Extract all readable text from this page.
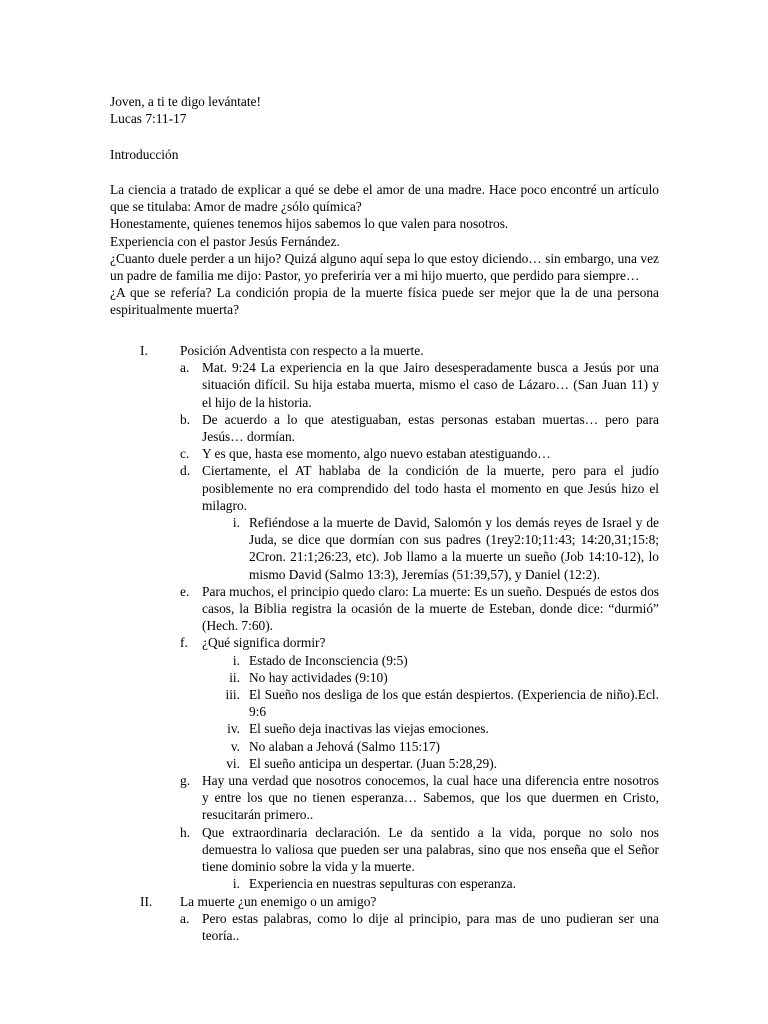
Joven, a ti te digo levántate!
Lucas 7:11-17
Introducción
La ciencia a tratado de explicar a qué se debe el amor de una madre. Hace poco encontré un artículo que se titulaba: Amor de madre ¿sólo química?
Honestamente, quienes tenemos hijos sabemos lo que valen para nosotros.
Experiencia con el pastor Jesús Fernández.
¿Cuanto duele perder a un hijo? Quizá alguno aquí sepa lo que estoy diciendo… sin embargo, una vez un padre de familia me dijo: Pastor, yo preferiría ver a mi hijo muerto, que perdido para siempre…
¿A que se refería? La condición propia de la muerte física puede ser mejor que la de una persona espiritualmente muerta?
I.	Posición Adventista con respecto a la muerte.
a. Mat. 9:24 La experiencia en la que Jairo desesperadamente busca a Jesús por una situación difícil. Su hija estaba muerta, mismo el caso de Lázaro… (San Juan 11) y el hijo de la historia.
b. De acuerdo a lo que atestiguaban, estas personas estaban muertas… pero para Jesús… dormían.
c. Y es que, hasta ese momento, algo nuevo estaban atestiguando…
d. Ciertamente, el AT hablaba de la condición de la muerte, pero para el judío posiblemente no era comprendido del todo hasta el momento en que Jesús hizo el milagro.
i. Refiéndose a la muerte de David, Salomón y los demás reyes de Israel y de Juda, se dice que dormían con sus padres (1rey2:10;11:43; 14:20,31;15:8; 2Cron. 21:1;26:23, etc). Job llamo a la muerte un sueño (Job 14:10-12), lo mismo David (Salmo 13:3), Jeremías (51:39,57), y Daniel (12:2).
e. Para muchos, el principio quedo claro: La muerte: Es un sueño. Después de estos dos casos, la Biblia registra la ocasión de la muerte de Esteban, donde dice: “durmió” (Hech. 7:60).
f.	¿Qué significa dormir?
i. Estado de Inconsciencia (9:5)
ii. No hay actividades (9:10)
iii. El Sueño nos desliga de los que están despiertos. (Experiencia de niño).Ecl. 9:6
iv. El sueño deja inactivas las viejas emociones.
v. No alaban a Jehová (Salmo 115:17)
vi. El sueño anticipa un despertar. (Juan 5:28,29).
g. Hay una verdad que nosotros conocemos, la cual hace una diferencia entre nosotros y entre los que no tienen esperanza… Sabemos, que los que duermen en Cristo, resucitarán primero..
h. Que extraordinaria declaración. Le da sentido a la vida, porque no solo nos demuestra lo valiosa que pueden ser una palabras, sino que nos enseña que el Señor tiene dominio sobre la vida y la muerte.
i. Experiencia en nuestras sepulturas con esperanza.
II.	La muerte ¿un enemigo o un amigo?
a. Pero estas palabras, como lo dije al principio, para mas de uno pudieran ser una teoría..
